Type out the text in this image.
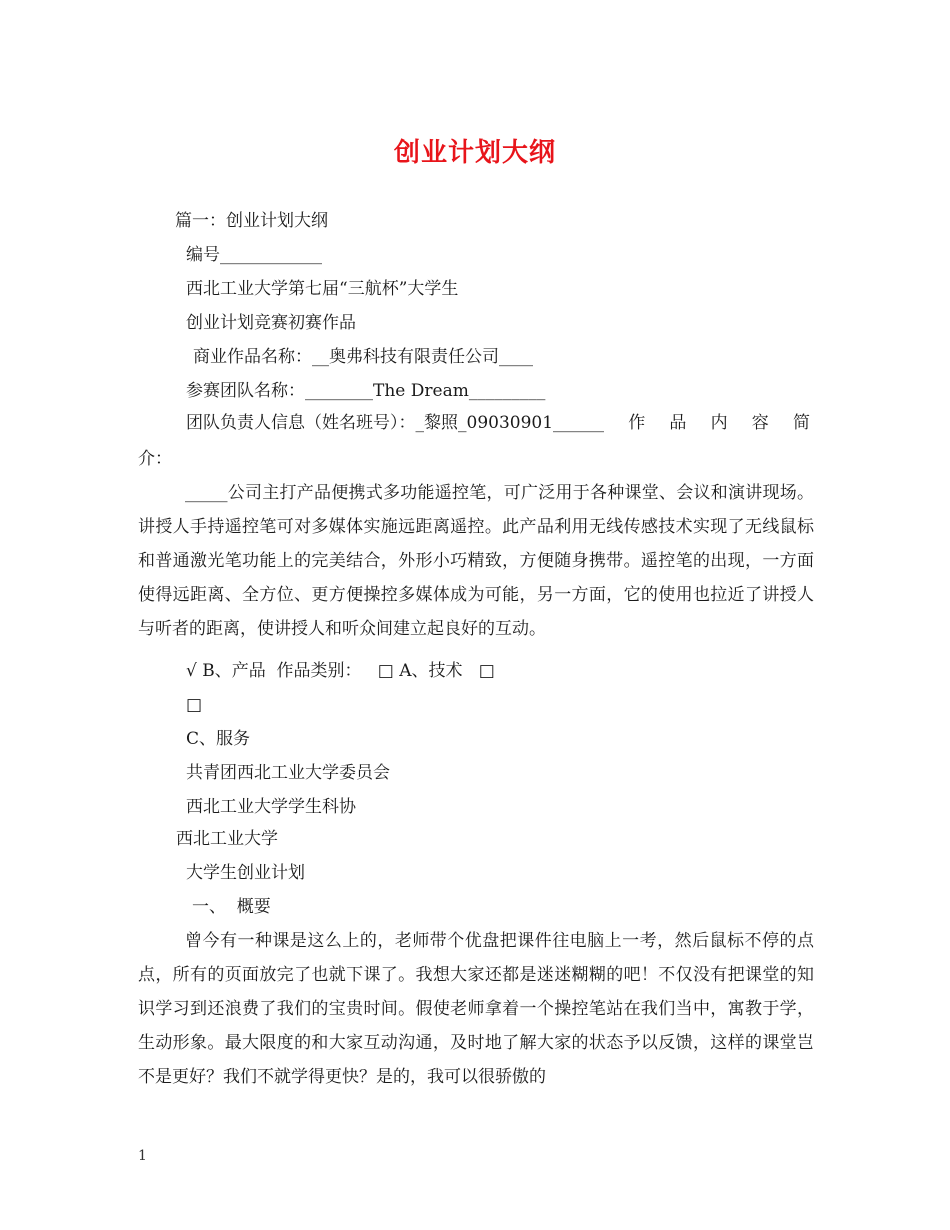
创业计划大纲
篇一：创业计划大纲
编号____________
西北工业大学第七届“三航杯”大学生
创业计划竞赛初赛作品
商业作品名称：__奥弗科技有限责任公司____
参赛团队名称：________The Dream_________
团队负责人信息（姓名班号）：_黎照_09030901______ 作 品 内 容 简
介：
_____公司主打产品便携式多功能遥控笔，可广泛用于各种课堂、会议和演讲现场。讲授人手持遥控笔可对多媒体实施远距离遥控。此产品利用无线传感技术实现了无线鼠标和普通激光笔功能上的完美结合，外形小巧精致，方便随身携带。遥控笔的出现，一方面使得远距离、全方位、更方便操控多媒体成为可能，另一方面，它的使用也拉近了讲授人与听者的距离，使讲授人和听众间建立起良好的互动。
√ B、产品  作品类别：   □ A、技术   □
□
C、服务
共青团西北工业大学委员会
西北工业大学学生科协
西北工业大学
大学生创业计划
一、  概要
曾今有一种课是这么上的，老师带个优盘把课件往电脑上一考，然后鼠标不停的点点，所有的页面放完了也就下课了。我想大家还都是迷迷糊糊的吧！不仅没有把课堂的知识学习到还浪费了我们的宝贵时间。假使老师拿着一个操控笔站在我们当中，寓教于学，生动形象。最大限度的和大家互动沟通，及时地了解大家的状态予以反馈，这样的课堂岂不是更好？我们不就学得更快？是的，我可以很骄傲的
1
